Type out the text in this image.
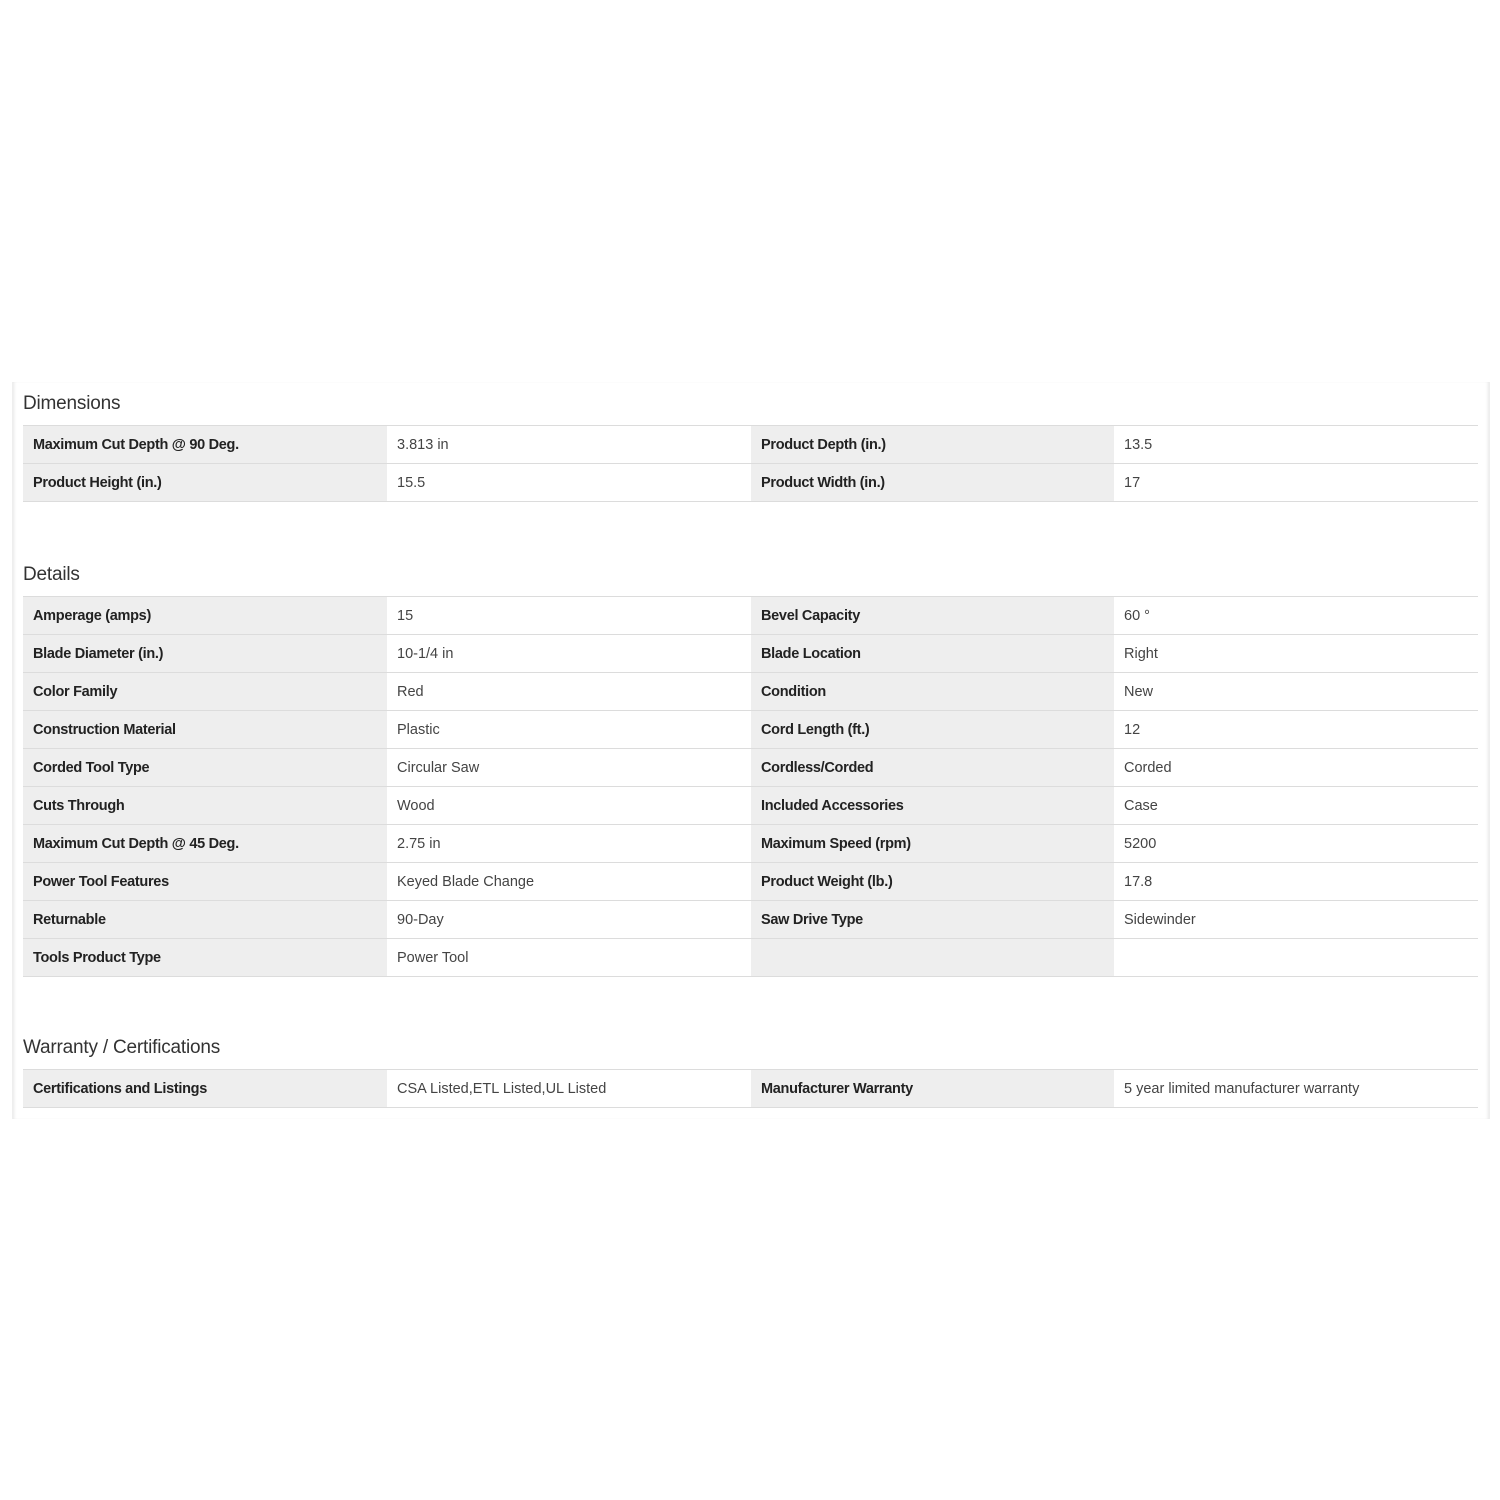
Dimensions
Maximum Cut Depth @ 90 Deg.	3.813 in	Product Depth (in.)	13.5
Product Height (in.)	15.5	Product Width (in.)	17
Details
Amperage (amps)	15	Bevel Capacity	60 °
Blade Diameter (in.)	10-1/4 in	Blade Location	Right
Color Family	Red	Condition	New
Construction Material	Plastic	Cord Length (ft.)	12
Corded Tool Type	Circular Saw	Cordless/Corded	Corded
Cuts Through	Wood	Included Accessories	Case
Maximum Cut Depth @ 45 Deg.	2.75 in	Maximum Speed (rpm)	5200
Power Tool Features	Keyed Blade Change	Product Weight (lb.)	17.8
Returnable	90-Day	Saw Drive Type	Sidewinder
Tools Product Type	Power Tool		
Warranty / Certifications
Certifications and Listings	CSA Listed,ETL Listed,UL Listed	Manufacturer Warranty	5 year limited manufacturer warranty
